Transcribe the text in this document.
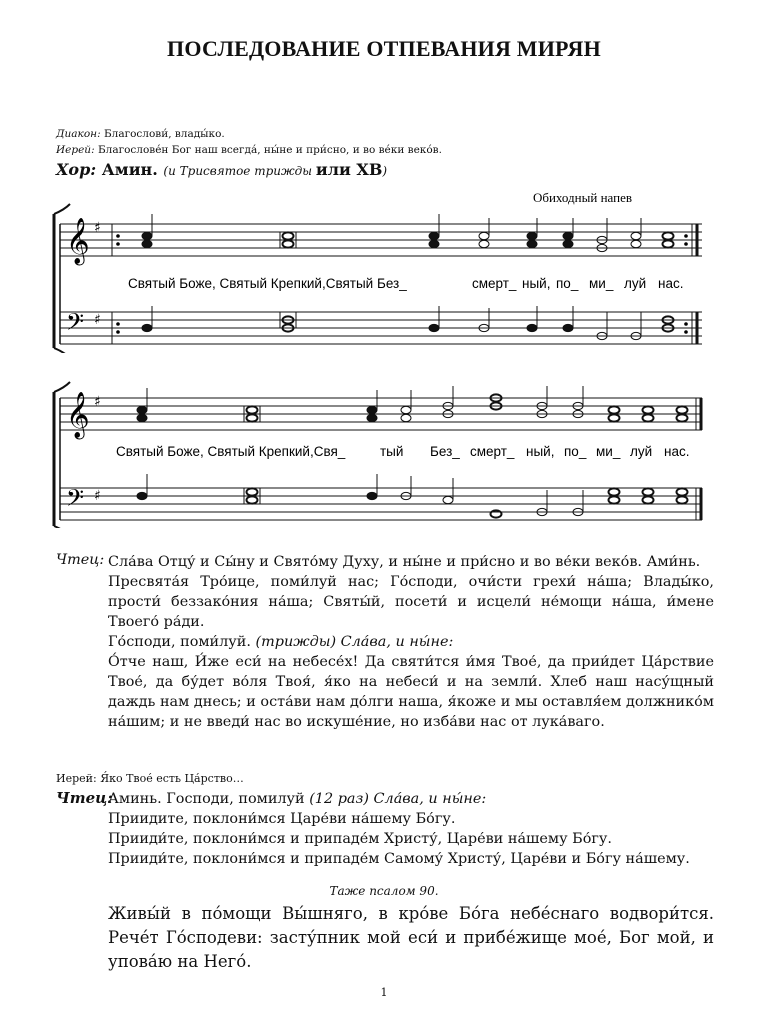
ПОСЛЕДОВАНИЕ ОТПЕВАНИЯ МИРЯН
Диакон: Благослови́, влады́ко.
Иерей: Благослове́н Бог наш всегда́, ны́не и при́сно, и во ве́ки веко́в.
Хор: Амин. (и Трисвятое трижды или ХВ)
Обиходный напев
𝄞
𝄢
♯
♯
Святый Боже, Святый Крепкий,Святый Без_	смерт_ ный, по_ ми_ луй нас.
𝄞
𝄢
♯
♯
Святый Боже, Святый Крепкий,Свя_	тый Без_ смерт_ ный, по_ ми_ луй нас.
Чтец: Сла́ва Отцу́ и Сы́ну и Свято́му Духу, и ны́не и при́сно и во ве́ки веко́в. Ами́нь.

Пресвята́я Тро́ице, поми́луй нас; Го́споди, очи́сти грехи́ на́ша; Влады́ко, прости́ беззако́ния на́ша; Святы́й, посети́ и исцели́ не́мощи на́ша, и́мене Твоего́ ра́ди.

Го́споди, поми́луй. (трижды) Сла́ва, и ны́не:

О́тче наш, И́же еси́ на небесе́х! Да святи́тся и́мя Твое́, да прии́дет Ца́рствие Твое́, да бу́дет во́ля Твоя́, я́ко на небеси́ и на земли́. Хлеб наш насу́щный даждь нам днесь; и оста́ви нам до́лги наша, я́коже и мы оставля́ем должнико́м на́шим; и не введи́ нас во искуше́ние, но изба́ви нас от лука́ваго.

Иерей: Я́ко Твое́ есть Ца́рство…
Чтец:

Аминь. Господи, помилуй (12 раз) Сла́ва, и ны́не:

Приидите, поклони́мся Царе́ви на́шему Бо́гу.

Прииди́те, поклони́мся и припаде́м Христу́, Царе́ви на́шему Бо́гу.

Прииди́те, поклони́мся и припаде́м Самому́ Христу́, Царе́ви и Бо́гу на́шему.

Таже псалом 90.
Живы́й в по́мощи Вы́шняго, в кро́ве Бо́га небе́снаго водвори́тся. Рече́т Го́сподеви: засту́пник мой еси́ и прибе́жище мое́, Бог мой, и упова́ю на Него́.
1
